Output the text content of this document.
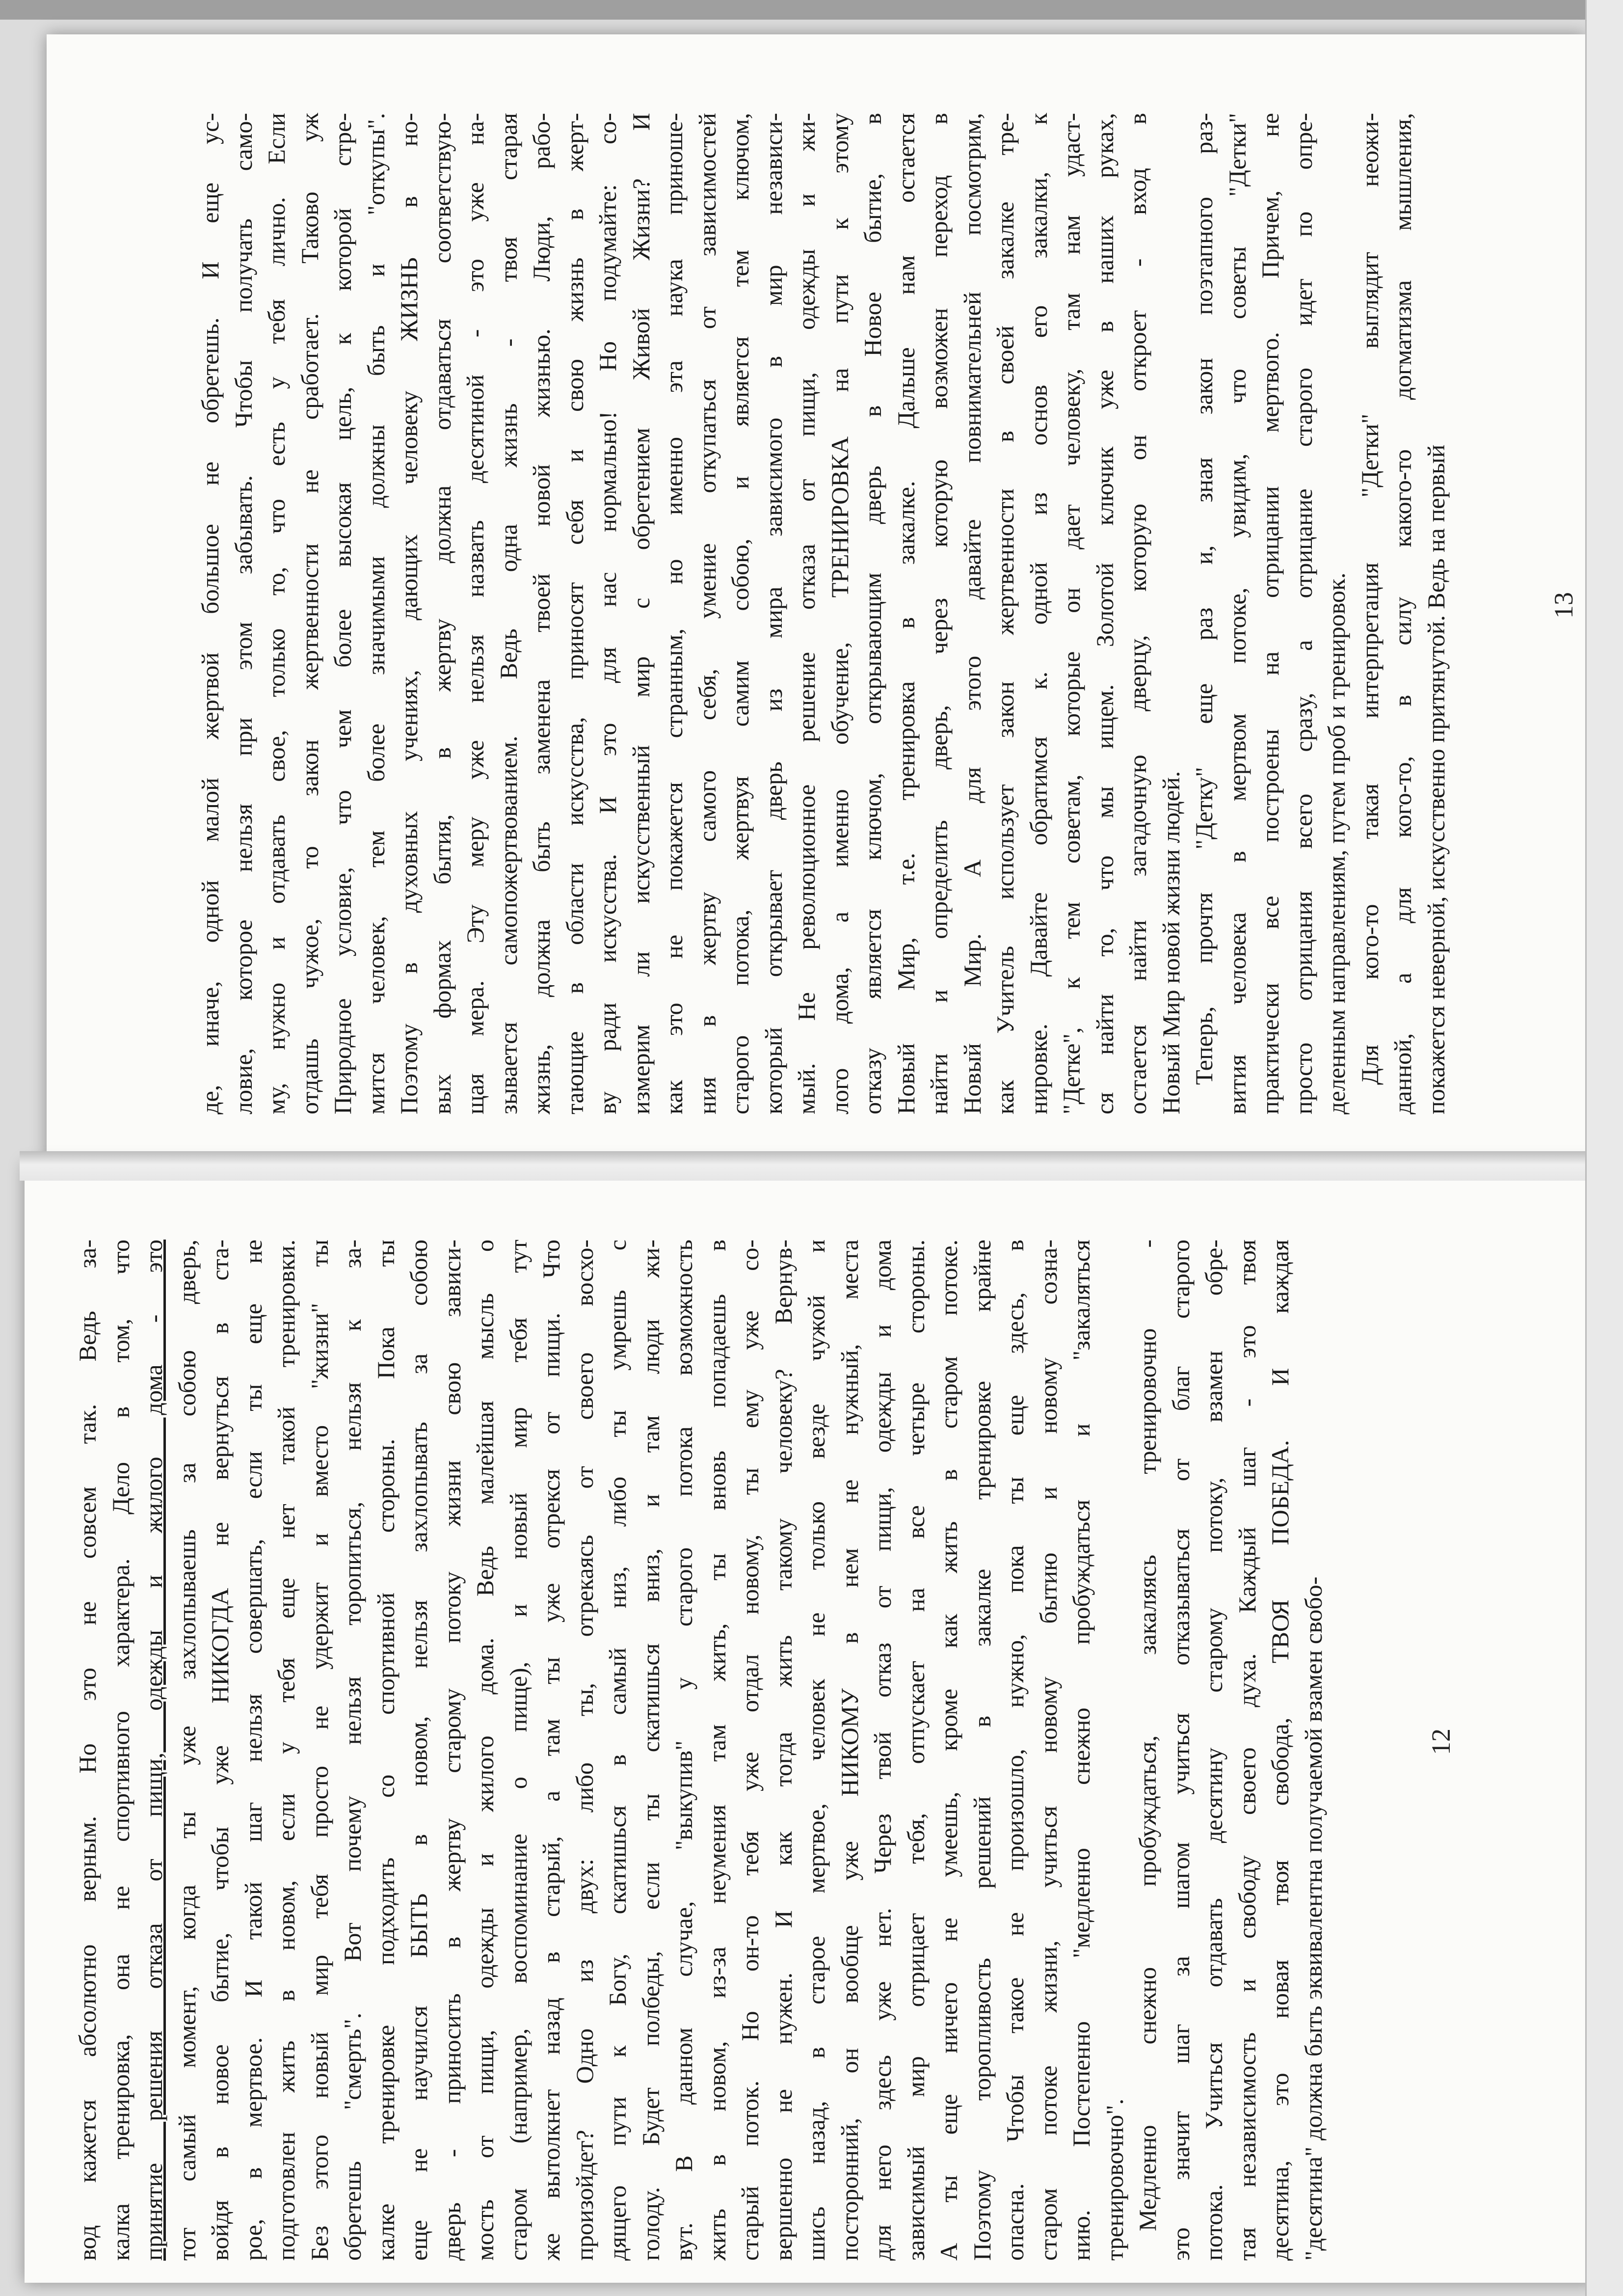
де, иначе, одной малой жертвой большое не обретешь. И еще ус- ловие, которое нельзя при этом забывать. Чтобы получать само- му, нужно и отдавать свое, только то, что есть у тебя лично. Если отдашь чужое, то закон жертвенности не сработает. Таково уж Природное условие, что чем более высокая цель, к которой стре- мится человек, тем более значимыми должны быть и "откупы". Поэтому в духовных учениях, дающих человеку ЖИЗНЬ в но- вых формах бытия, в жертву должна отдаваться соответствую- щая мера. Эту меру уже нельзя назвать десятиной - это уже на- зывается самопожертвованием. Ведь одна жизнь - твоя старая жизнь, должна быть заменена твоей новой жизнью. Люди, рабо- тающие в области искусства, приносят себя и свою жизнь в жерт- ву ради искусства. И это для нас нормально! Но подумайте: со- измерим ли искусственный мир с обретением Живой Жизни? И как это не покажется странным, но именно эта наука приноше- ния в жертву самого себя, умение откупаться от зависимостей старого потока, жертвуя самим собою, и является тем ключом, который открывает дверь из мира зависимого в мир независи- мый. Не революционное решение отказа от пищи, одежды и жи- лого дома, а именно обучение, ТРЕНИРОВКА на пути к этому отказу является ключом, открывающим дверь в Новое бытие, в Новый Мир, т.е. тренировка в закалке. Дальше нам остается найти и определить дверь, через которую возможен переход в Новый Мир. А для этого давайте повнимательней посмотрим, как Учитель использует закон жертвенности в своей закалке тре- нировке. Давайте обратимся к. одной из основ его закалки, к "Детке", к тем советам, которые он дает человеку, там нам удаст- ся найти то, что мы ищем. Золотой ключик уже в наших руках, остается найти загадочную дверцу, которую он откроет - вход в Новый Мир новой жизни людей. Теперь, прочтя "Детку" еще раз и, зная закон поэтапного раз- вития человека в мертвом потоке, увидим, что советы "Детки" практически все построены на отрицании мертвого. Причем, не просто отрицания всего сразу, а отрицание старого идет по опре- деленным направлениям, путем проб и тренировок. Для кого-то такая интерпретация "Детки" выглядит неожи- данной, а для кого-то, в силу какого-то догматизма мышления, покажется неверной, искусственно притянутой. Ведь на первый	13

вод кажется абсолютно верным. Но это не совсем так. Ведь за- калка тренировка, она не спортивного характера. Дело в том, что принятие решения отказа от пищи, одежды и жилого дома - это тот самый момент, когда ты уже захлопываешь за собою дверь, войдя в новое бытие, чтобы уже НИКОГДА не вернуться в ста- рое, в мертвое. И такой шаг нельзя совершать, если ты еще не подготовлен жить в новом, если у тебя еще нет такой тренировки. Без этого новый мир тебя просто не удержит и вместо "жизни" ты обретешь "смерть". Вот почему нельзя торопиться, нельзя к за- калке тренировке подходить со спортивной стороны. Пока ты еще не научился БЫТЬ в новом, нельзя захлопывать за собою дверь - приносить в жертву старому потоку жизни свою зависи- мость от пищи, одежды и жилого дома. Ведь малейшая мысль о старом (например, воспоминание о пище), и новый мир тебя тут же вытолкнет назад в старый, а там ты уже отрекся от пищи. Что произойдет? Одно из двух: либо ты, отрекаясь от своего восхо- дящего пути к Богу, скатишься в самый низ, либо ты умрешь с голоду. Будет полбеды, если ты скатишься вниз, и там люди жи- вут. В данном случае, "выкупив" у старого потока возможность жить в новом, из-за неумения там жить, ты вновь попадаешь в старый поток. Но он-то тебя уже отдал новому, ты ему уже со- вершенно не нужен. И как тогда жить такому человеку? Вернув- шись назад, в старое мертвое, человек не только везде чужой и посторонний, он вообще уже НИКОМУ в нем не нужный, места для него здесь уже нет. Через твой отказ от пищи, одежды и дома зависимый мир отрицает тебя, отпускает на все четыре стороны. А ты еще ничего не умеешь, кроме как жить в старом потоке. Поэтому торопливость решений в закалке тренировке крайне опасна. Чтобы такое не произошло, нужно, пока ты еще здесь, в старом потоке жизни, учиться новому бытию и новому созна- нию. Постепенно "медленно снежно пробуждаться и "закаляться тренировочно". Медленно снежно пробуждаться, закаляясь тренировочно - это значит шаг за шагом учиться отказываться от благ старого потока. Учиться отдавать десятину старому потоку, взамен обре- тая независимость и свободу своего духа. Каждый шаг - это твоя десятина, это новая твоя свобода, ТВОЯ ПОБЕДА. И каждая "десятина" должна быть эквивалентна получаемой взамен свобо-	12
